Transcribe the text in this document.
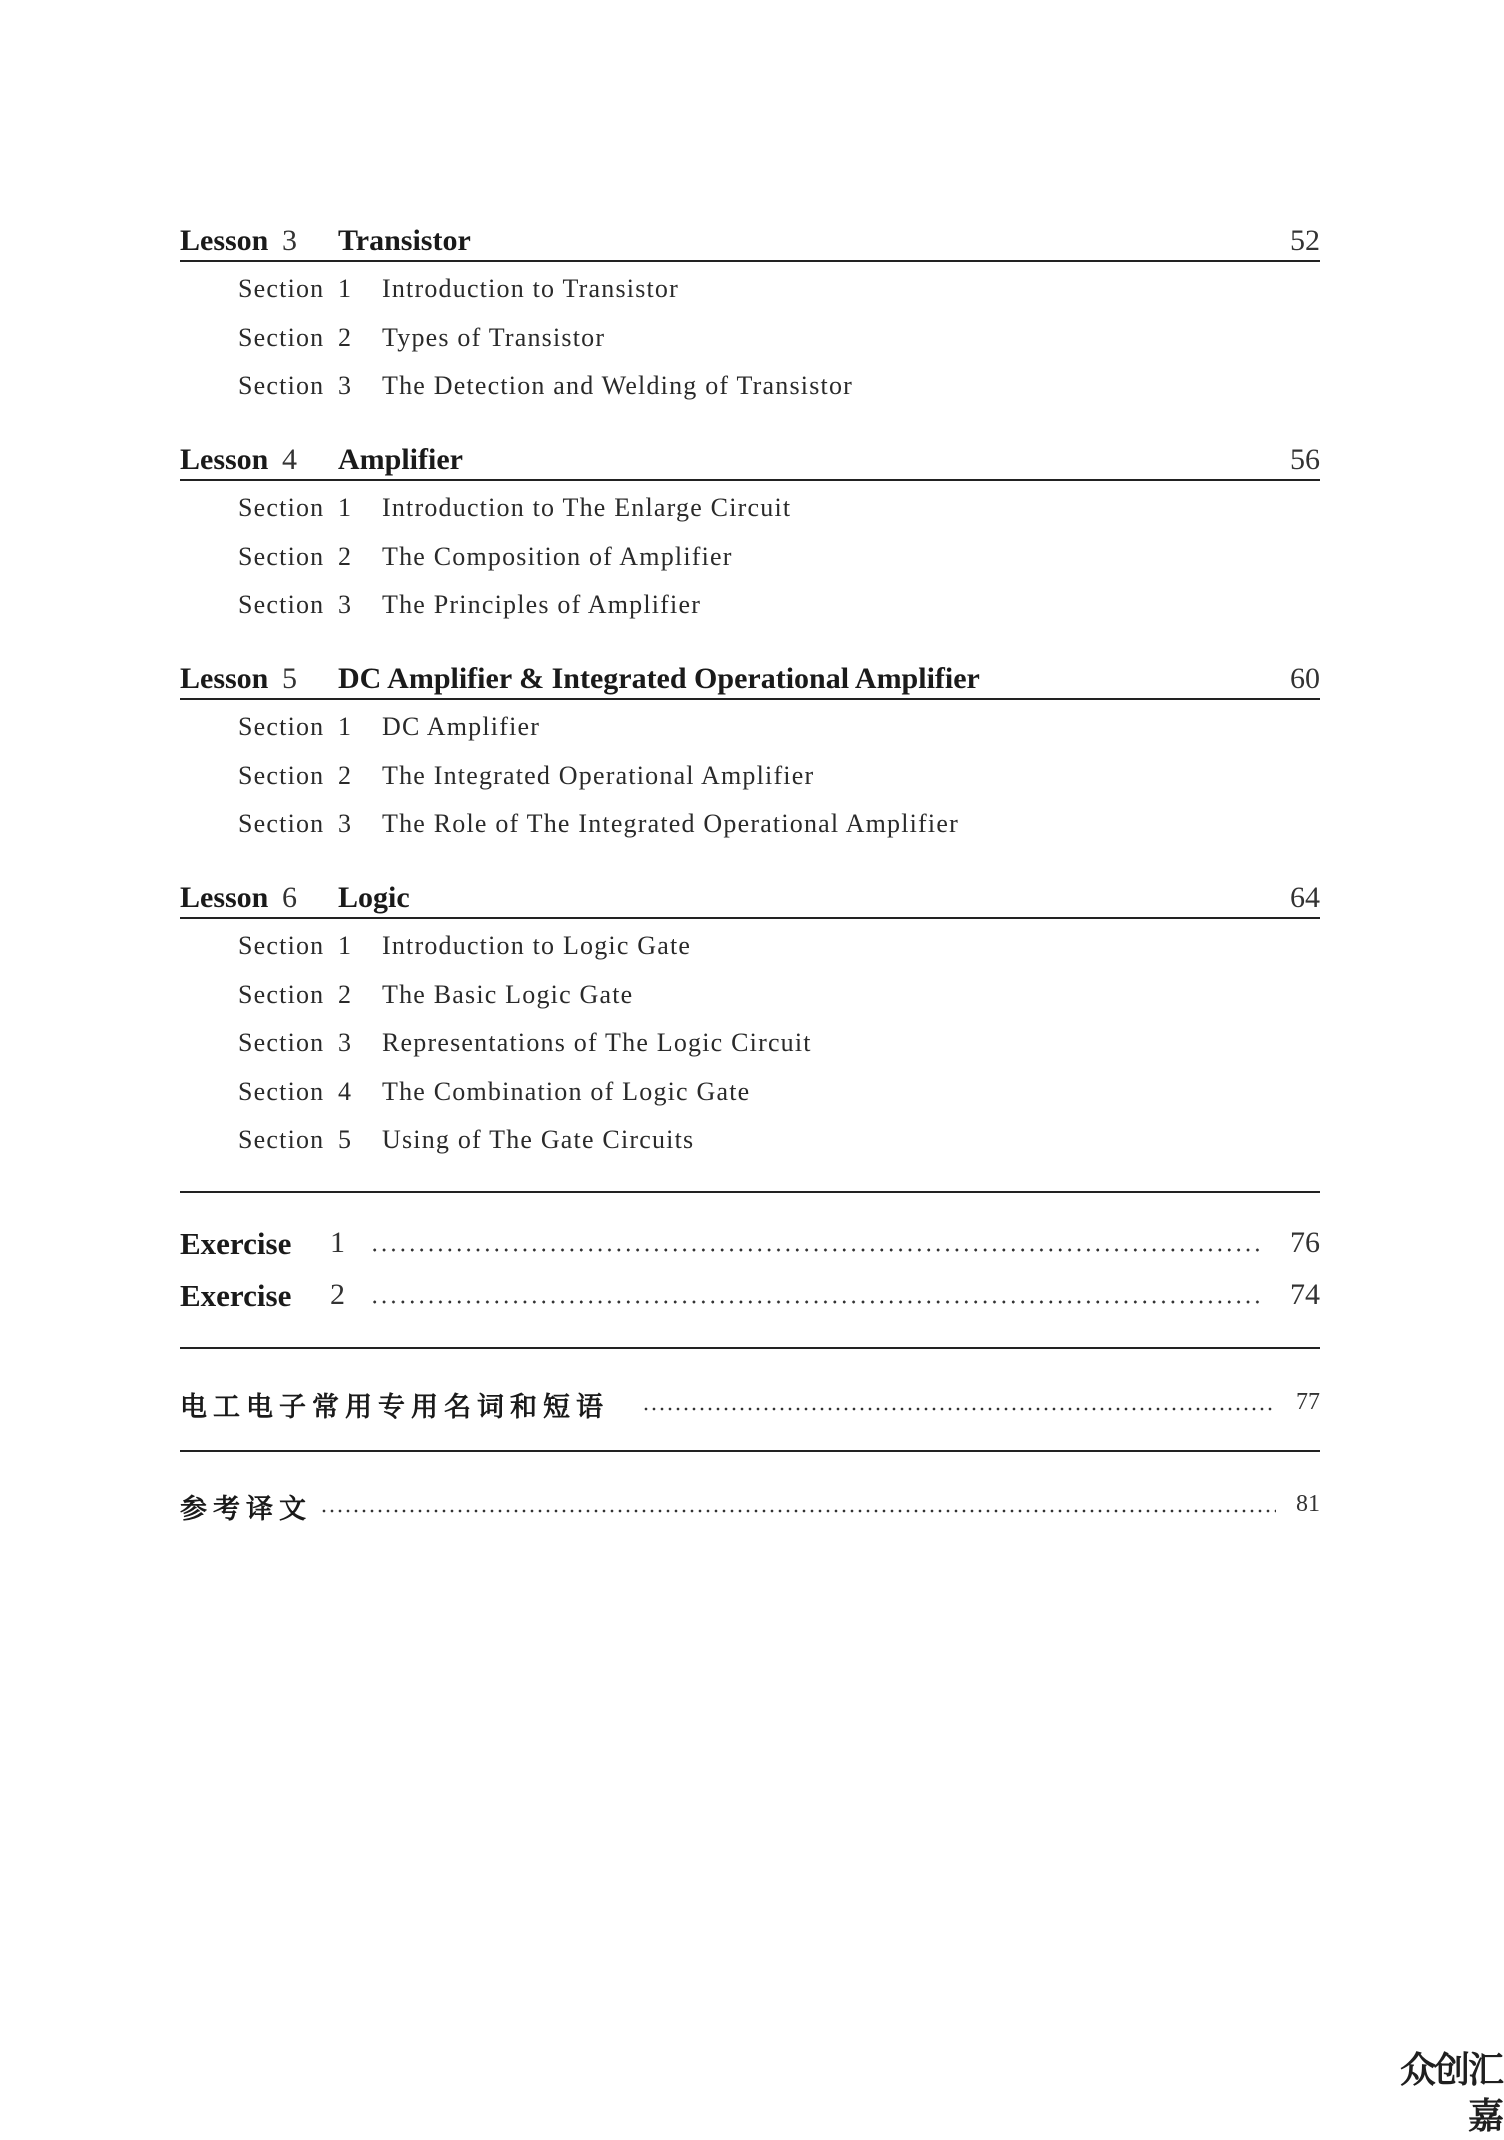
Lesson 3 Transistor	52
Section 1 Introduction to Transistor
Section 2 Types of Transistor
Section 3 The Detection and Welding of Transistor
Lesson 4 Amplifier	56
Section 1 Introduction to The Enlarge Circuit
Section 2 The Composition of Amplifier
Section 3 The Principles of Amplifier
Lesson 5 DC Amplifier & Integrated Operational Amplifier	60
Section 1 DC Amplifier
Section 2 The Integrated Operational Amplifier
Section 3 The Role of The Integrated Operational Amplifier
Lesson 6 Logic	64
Section 1 Introduction to Logic Gate
Section 2 The Basic Logic Gate
Section 3 Representations of The Logic Circuit
Section 4 The Combination of Logic Gate
Section 5 Using of The Gate Circuits
Exercise 1	76
Exercise 2	74
电工电子常用专用名词和短语	77
参考译文	81
众创汇嘉
